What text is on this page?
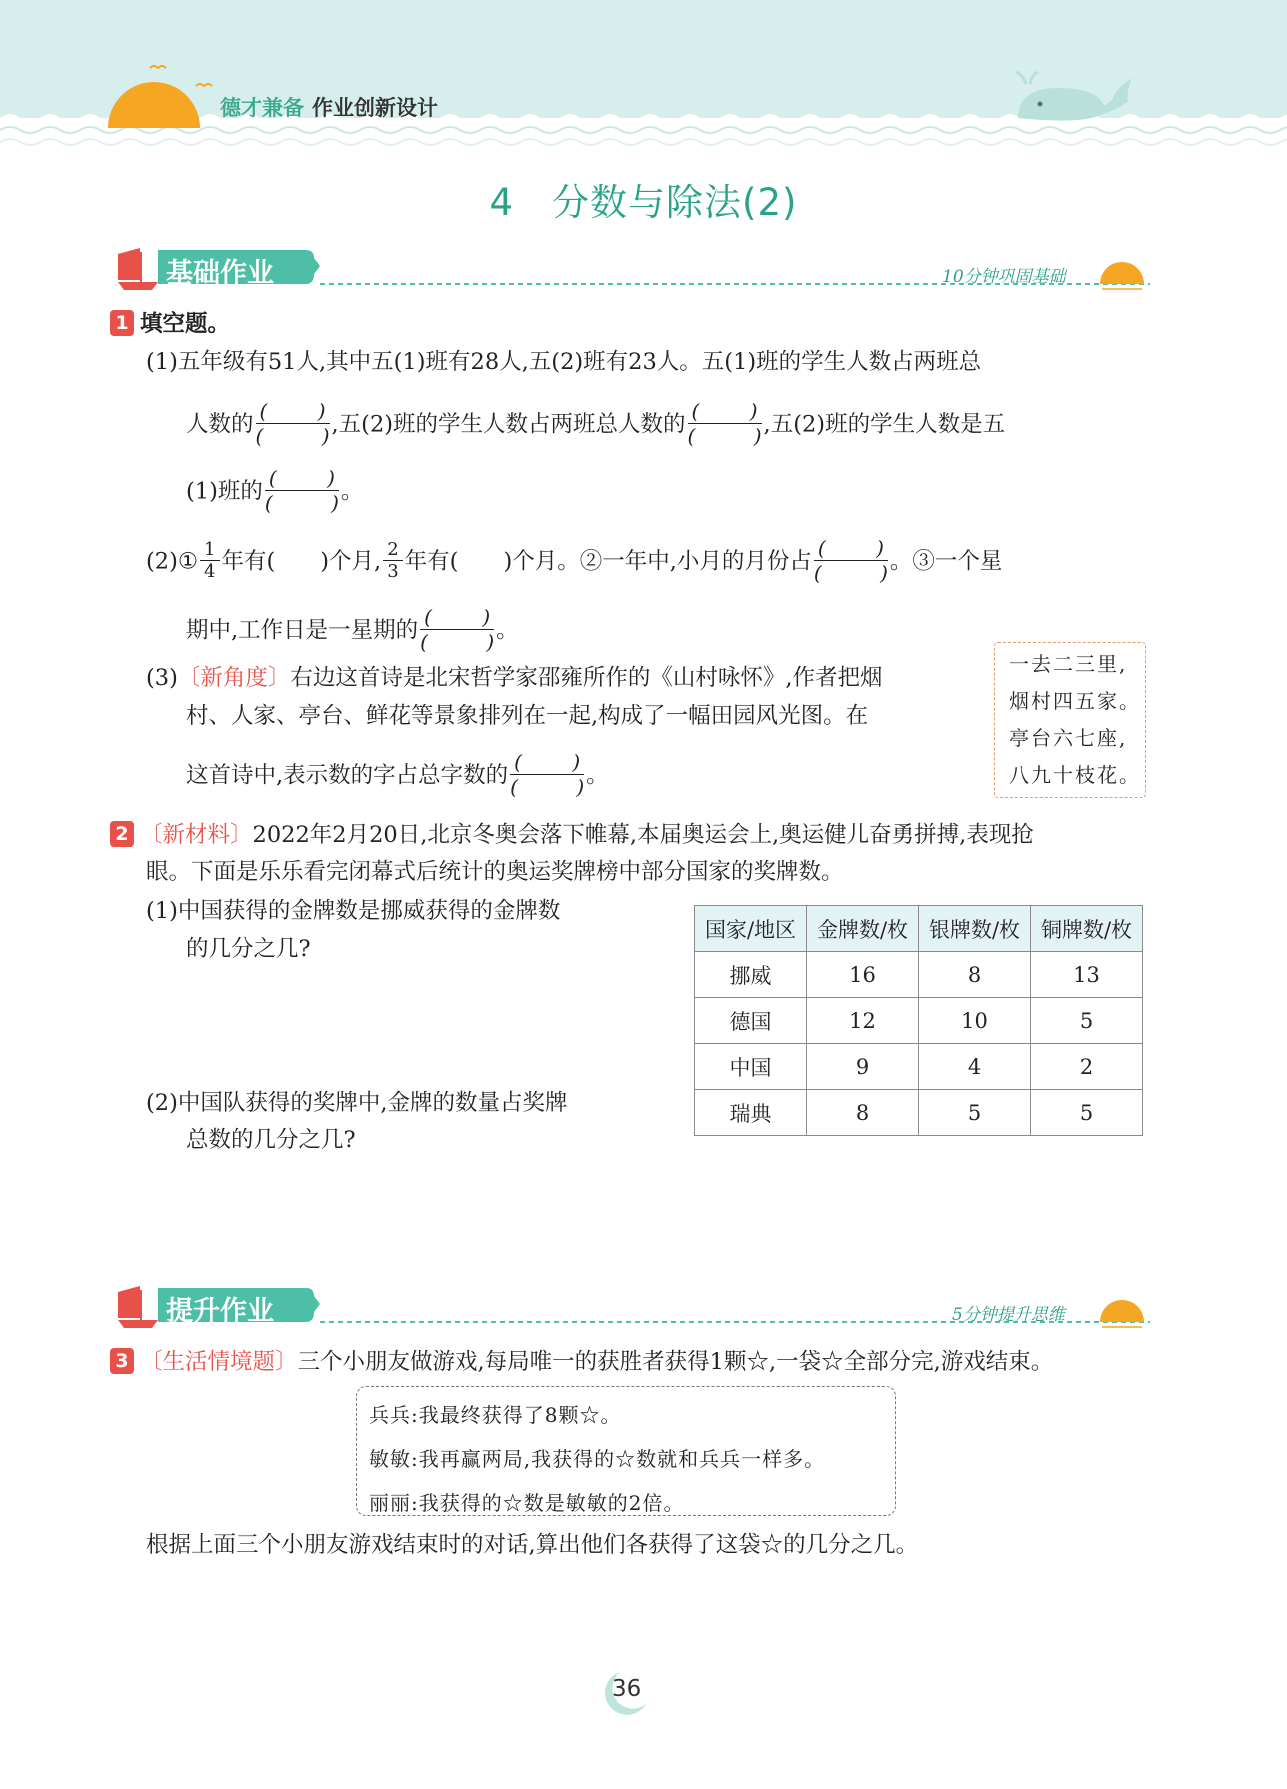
德才兼备 作业创新设计
4　分数与除法(2)
基础作业	10分钟巩固基础
1 填空题。
(1)五年级有51人,其中五(1)班有28人,五(2)班有23人。五(1)班的学生人数占两班总
人数的 (	)
(	) ,五(2)班的学生人数占两班总人数的 (	)
(	) ,五(2)班的学生人数是五
(1)班的 (	)
(	) 。
(2)① $\frac{1}{4}$ 年有(　　)个月, $\frac{2}{3}$ 年有(　　)个月。②一年中,小月的月份占 (	)
(	) 。③一个星
期中,工作日是一星期的 (	)
(	) 。
(3)〔新角度〕右边这首诗是北宋哲学家邵雍所作的《山村咏怀》,作者把烟
村、人家、亭台、鲜花等景象排列在一起,构成了一幅田园风光图。在
这首诗中,表示数的字占总字数的 (	)
(	) 。
一去二三里,
烟村四五家。
亭台六七座,
八九十枝花。
2 〔新材料〕2022年2月20日,北京冬奥会落下帷幕,本届奥运会上,奥运健儿奋勇拼搏,表现抢
眼。下面是乐乐看完闭幕式后统计的奥运奖牌榜中部分国家的奖牌数。
(1)中国获得的金牌数是挪威获得的金牌数
的几分之几?
(2)中国队获得的奖牌中,金牌的数量占奖牌
总数的几分之几?
国家/地区	金牌数/枚	银牌数/枚	铜牌数/枚
挪威	16	8	13
德国	12	10	5
中国	9	4	2
瑞典	8	5	5
提升作业	5分钟提升思维
3 〔生活情境题〕三个小朋友做游戏,每局唯一的获胜者获得1颗☆,一袋☆全部分完,游戏结束。
兵兵:我最终获得了8颗☆。
敏敏:我再赢两局,我获得的☆数就和兵兵一样多。
丽丽:我获得的☆数是敏敏的2倍。
根据上面三个小朋友游戏结束时的对话,算出他们各获得了这袋☆的几分之几。
36
